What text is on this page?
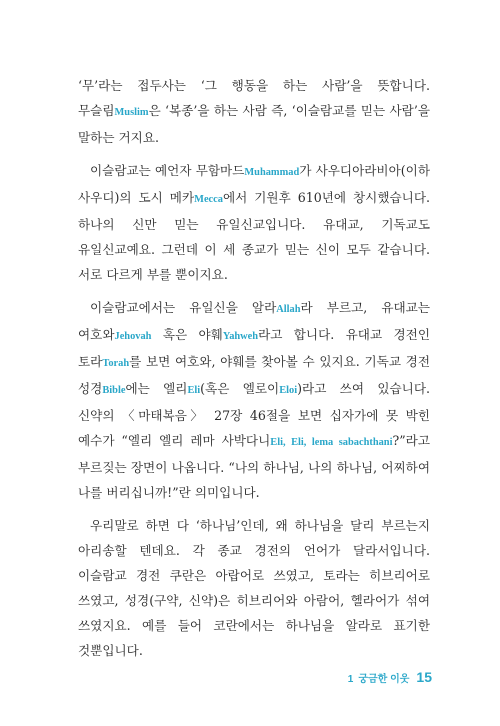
‘무’라는 접두사는 ‘그 행동을 하는 사람’을 뜻합니다. 무슬림Muslim은 ‘복종’을 하는 사람 즉, ‘이슬람교를 믿는 사람’을 말하는 거지요.

이슬람교는 예언자 무함마드Muhammad가 사우디아라비아(이하 사우디)의 도시 메카Mecca에서 기원후 610년에 창시했습니다. 하나의 신만 믿는 유일신교입니다. 유대교, 기독교도 유일신교예요. 그런데 이 세 종교가 믿는 신이 모두 같습니다. 서로 다르게 부를 뿐이지요.

이슬람교에서는 유일신을 알라Allah라 부르고, 유대교는 여호와Jehovah 혹은 야훼Yahweh라고 합니다. 유대교 경전인 토라Torah를 보면 여호와, 야훼를 찾아볼 수 있지요. 기독교 경전 성경Bible에는 엘리Eli(혹은 엘로이Eloi)라고 쓰여 있습니다. 신약의 〈마태복음〉 27장 46절을 보면 십자가에 못 박힌 예수가 “엘리 엘리 레마 사박다니Eli, Eli, lema sabachthani?”라고 부르짖는 장면이 나옵니다. “나의 하나님, 나의 하나님, 어찌하여 나를 버리십니까!”란 의미입니다.

우리말로 하면 다 ‘하나님’인데, 왜 하나님을 달리 부르는지 아리송할 텐데요. 각 종교 경전의 언어가 달라서입니다. 이슬람교 경전 쿠란은 아랍어로 쓰였고, 토라는 히브리어로 쓰였고, 성경(구약, 신약)은 히브리어와 아람어, 헬라어가 섞여 쓰였지요. 예를 들어 코란에서는 하나님을 알라로 표기한 것뿐입니다.

1 궁금한 이웃 15
